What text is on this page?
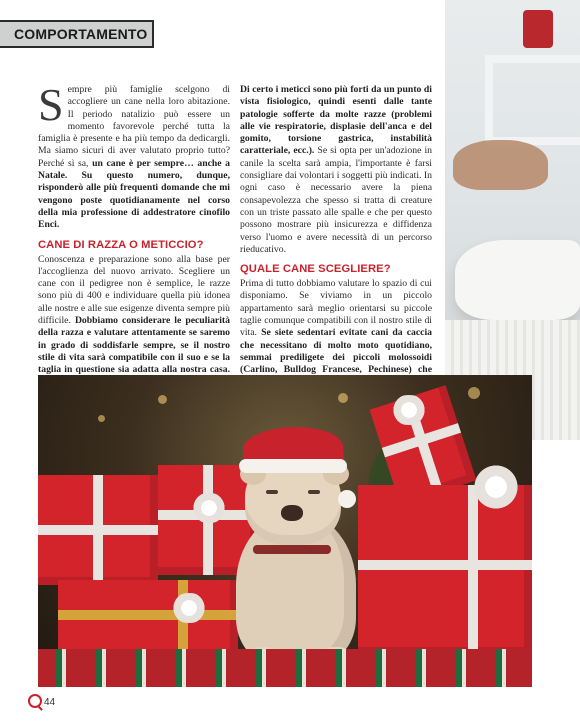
COMPORTAMENTO

Sempre più famiglie scelgono di accogliere un cane nella loro abitazione. Il periodo natalizio può essere un momento favorevole perché tutta la famiglia è presente e ha più tempo da dedicargli. Ma siamo sicuri di aver valutato proprio tutto? Perché sì sa, un cane è per sempre… anche a Natale. Su questo numero, dunque, risponderò alle più frequenti domande che mi vengono poste quotidianamente nel corso della mia professione di addestratore cinofilo Enci.

CANE DI RAZZA O METICCIO?

Conoscenza e preparazione sono alla base per l'accoglienza del nuovo arrivato. Scegliere un cane con il pedigree non è semplice, le razze sono più di 400 e individuare quella più idonea alle nostre e alle sue esigenze diventa sempre più difficile. Dobbiamo considerare le peculiarità della razza e valutare attentamente se saremo in grado di soddisfarle sempre, se il nostro stile di vita sarà compatibile con il suo e se la taglia in questione sia adatta alla nostra casa.

Di certo i meticci sono più forti da un punto di vista fisiologico, quindi esenti dalle tante patologie sofferte da molte razze (problemi alle vie respiratorie, displasie dell'anca e del gomito, torsione gastrica, instabilità caratteriale, ecc.). Se si opta per un'adozione in canile la scelta sarà ampia, l'importante è farsi consigliare dai volontari i soggetti più indicati. In ogni caso è necessario avere la piena consapevolezza che spesso si tratta di creature con un triste passato alle spalle e che per questo possono mostrare più insicurezza e diffidenza verso l'uomo e avere necessità di un percorso rieducativo.

QUALE CANE SCEGLIERE?

Prima di tutto dobbiamo valutare lo spazio di cui disponiamo. Se viviamo in un piccolo appartamento sarà meglio orientarsi su piccole taglie comunque compatibili con il nostro stile di vita. Se siete sedentari evitate cani da caccia che necessitano di molto moto quotidiano, semmai prediligete dei piccoli molossoidi (Carlino, Bulldog Francese, Pechinese) che

44
